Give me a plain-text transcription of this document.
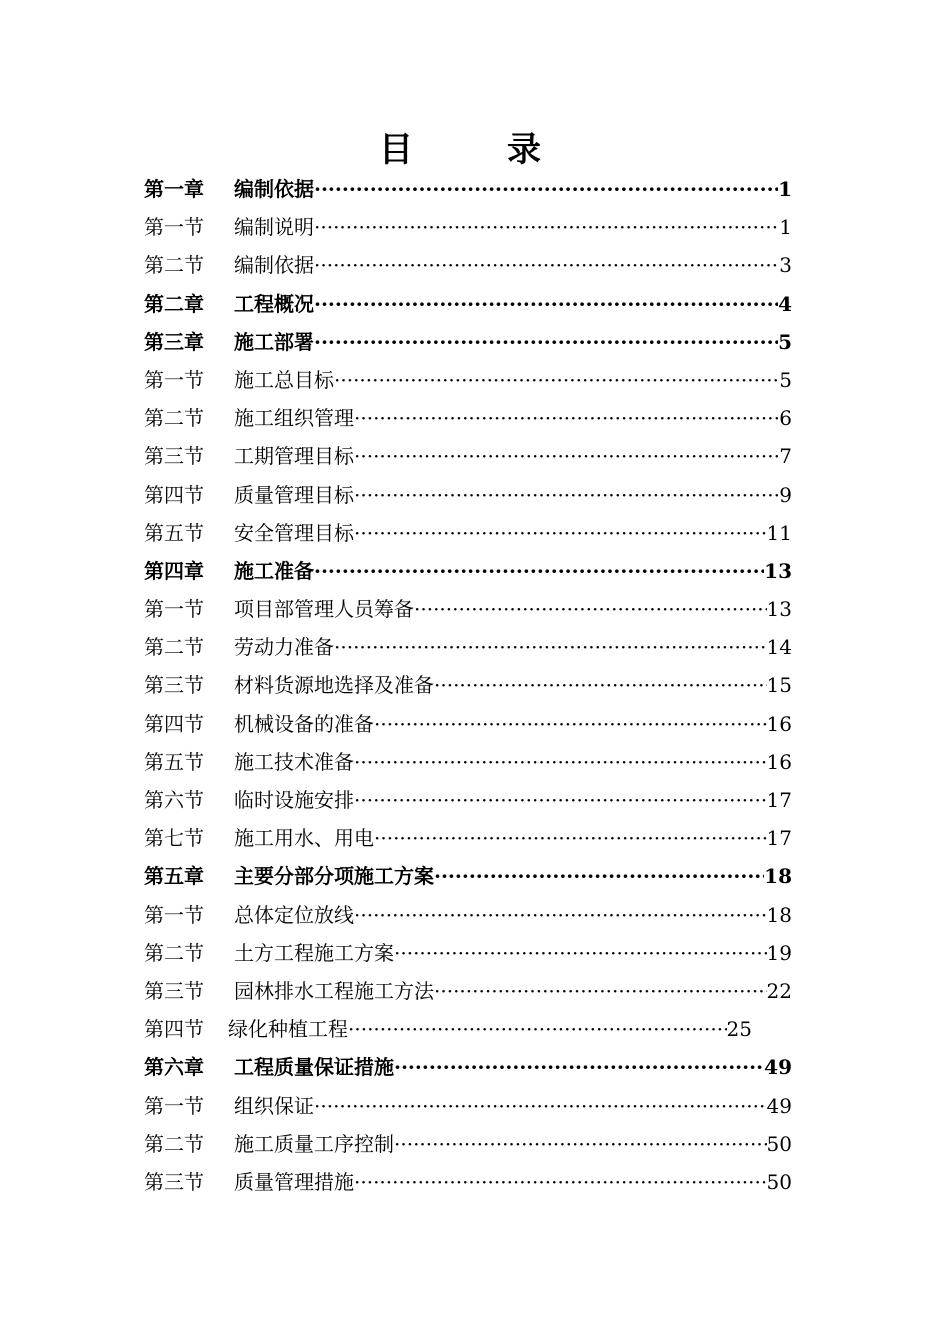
目　录
第一章	编制依据 ·····	1
第一节	编制说明 ·····	1
第二节	编制依据 ·····	3
第二章	工程概况 ·····	4
第三章	施工部署 ·····	5
第一节	施工总目标 ·····	5
第二节	施工组织管理 ·····	6
第三节	工期管理目标 ·····	7
第四节	质量管理目标 ·····	9
第五节	安全管理目标 ·····	11
第四章	施工准备 ·····	13
第一节	项目部管理人员筹备 ·····	13
第二节	劳动力准备 ·····	14
第三节	材料货源地选择及准备 ·····	15
第四节	机械设备的准备 ·····	16
第五节	施工技术准备 ·····	16
第六节	临时设施安排 ·····	17
第七节	施工用水、用电 ·····	17
第五章	主要分部分项施工方案 ·····	18
第一节	总体定位放线 ·····	18
第二节	土方工程施工方案 ·····	19
第三节	园林排水工程施工方法 ·····	22
第四节	绿化种植工程 ·····	25
第六章	工程质量保证措施 ·····	49
第一节	组织保证 ·····	49
第二节	施工质量工序控制 ·····	50
第三节	质量管理措施 ·····	50
